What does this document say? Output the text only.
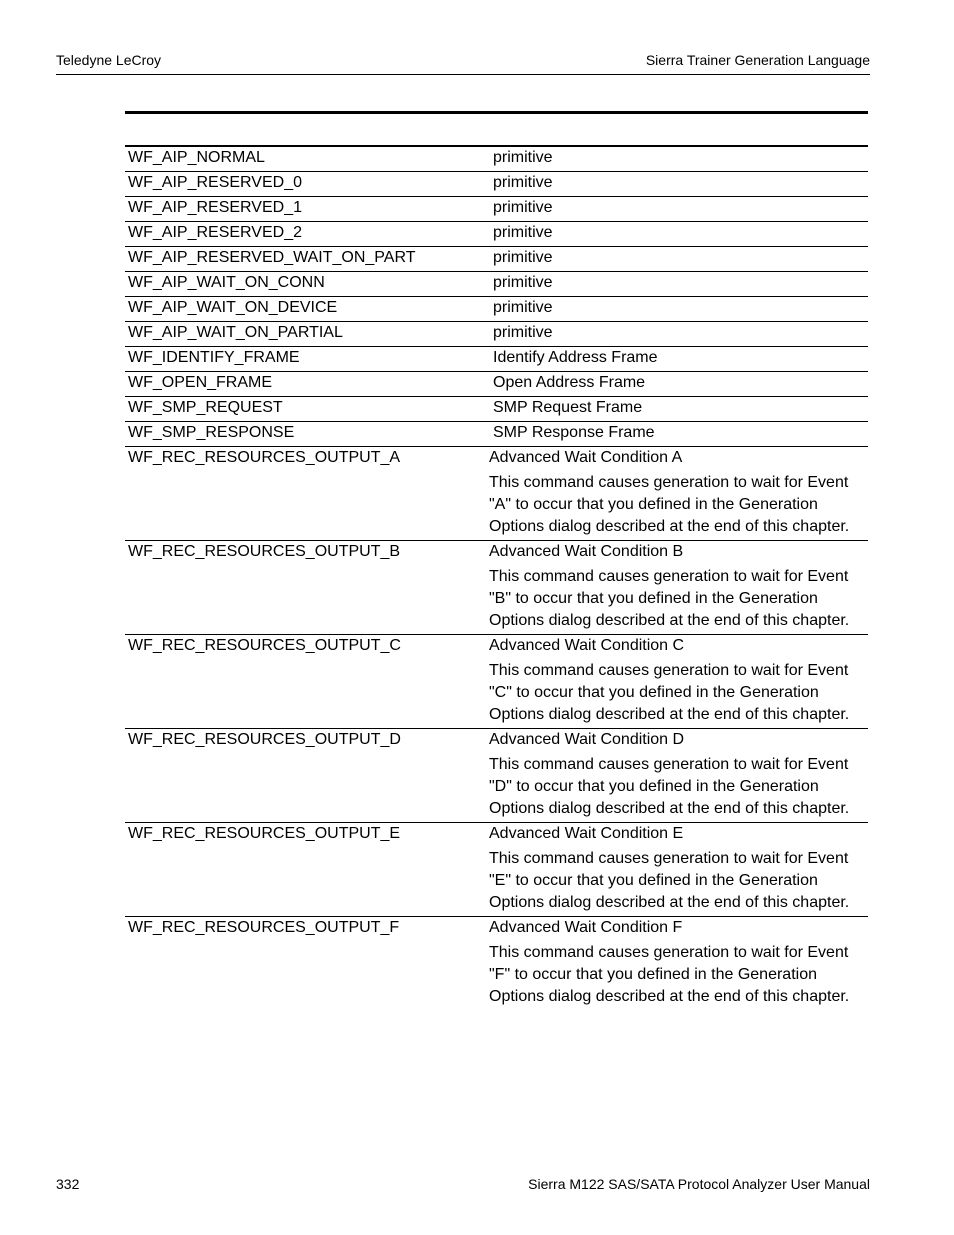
Teledyne LeCroy	Sierra Trainer Generation Language
WF_AIP_NORMAL	primitive
WF_AIP_RESERVED_0	primitive
WF_AIP_RESERVED_1	primitive
WF_AIP_RESERVED_2	primitive
WF_AIP_RESERVED_WAIT_ON_PART	primitive
WF_AIP_WAIT_ON_CONN	primitive
WF_AIP_WAIT_ON_DEVICE	primitive
WF_AIP_WAIT_ON_PARTIAL	primitive
WF_IDENTIFY_FRAME	Identify Address Frame
WF_OPEN_FRAME	Open Address Frame
WF_SMP_REQUEST	SMP Request Frame
WF_SMP_RESPONSE	SMP Response Frame
WF_REC_RESOURCES_OUTPUT_A	Advanced Wait Condition A
This command causes generation to wait for Event "A" to occur that you defined in the Generation Options dialog described at the end of this chapter.
WF_REC_RESOURCES_OUTPUT_B	Advanced Wait Condition B
This command causes generation to wait for Event "B" to occur that you defined in the Generation Options dialog described at the end of this chapter.
WF_REC_RESOURCES_OUTPUT_C	Advanced Wait Condition C
This command causes generation to wait for Event "C" to occur that you defined in the Generation Options dialog described at the end of this chapter.
WF_REC_RESOURCES_OUTPUT_D	Advanced Wait Condition D
This command causes generation to wait for Event "D" to occur that you defined in the Generation Options dialog described at the end of this chapter.
WF_REC_RESOURCES_OUTPUT_E	Advanced Wait Condition E
This command causes generation to wait for Event "E" to occur that you defined in the Generation Options dialog described at the end of this chapter.
WF_REC_RESOURCES_OUTPUT_F	Advanced Wait Condition F
This command causes generation to wait for Event "F" to occur that you defined in the Generation Options dialog described at the end of this chapter.
332	Sierra M122 SAS/SATA Protocol Analyzer User Manual
